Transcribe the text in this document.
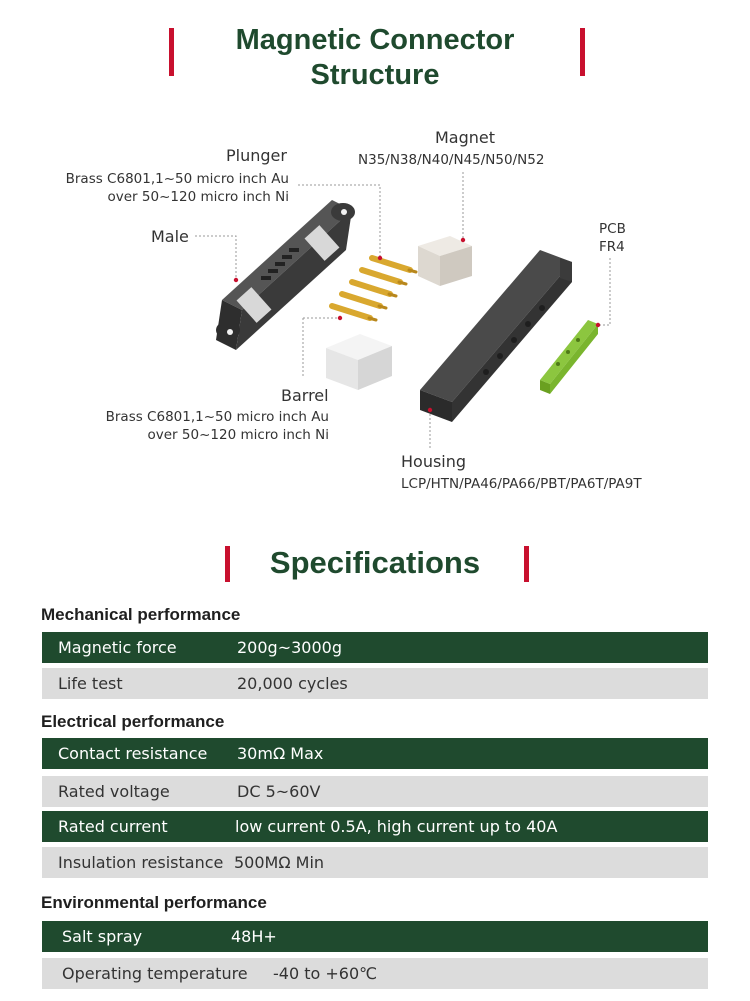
Magnetic Connector
Structure
Plunger
Brass C6801,1~50 micro inch Au
over 50~120 micro inch Ni
Magnet
N35/N38/N40/N45/N50/N52
Male	PCB
FR4
Barrel
Brass C6801,1~50 micro inch Au
over 50~120 micro inch Ni
Housing
LCP/HTN/PA46/PA66/PBT/PA6T/PA9T
Specifications
Mechanical performance
Magnetic force	200g~3000g
Life test	20,000 cycles
Electrical performance
Contact resistance 30mΩ Max
Rated voltage	DC 5~60V
Rated current	low current 0.5A, high current up to 40A
Insulation resistance 500MΩ Min
Environmental performance
Salt spray	48H+
Operating temperature -40 to +60℃
